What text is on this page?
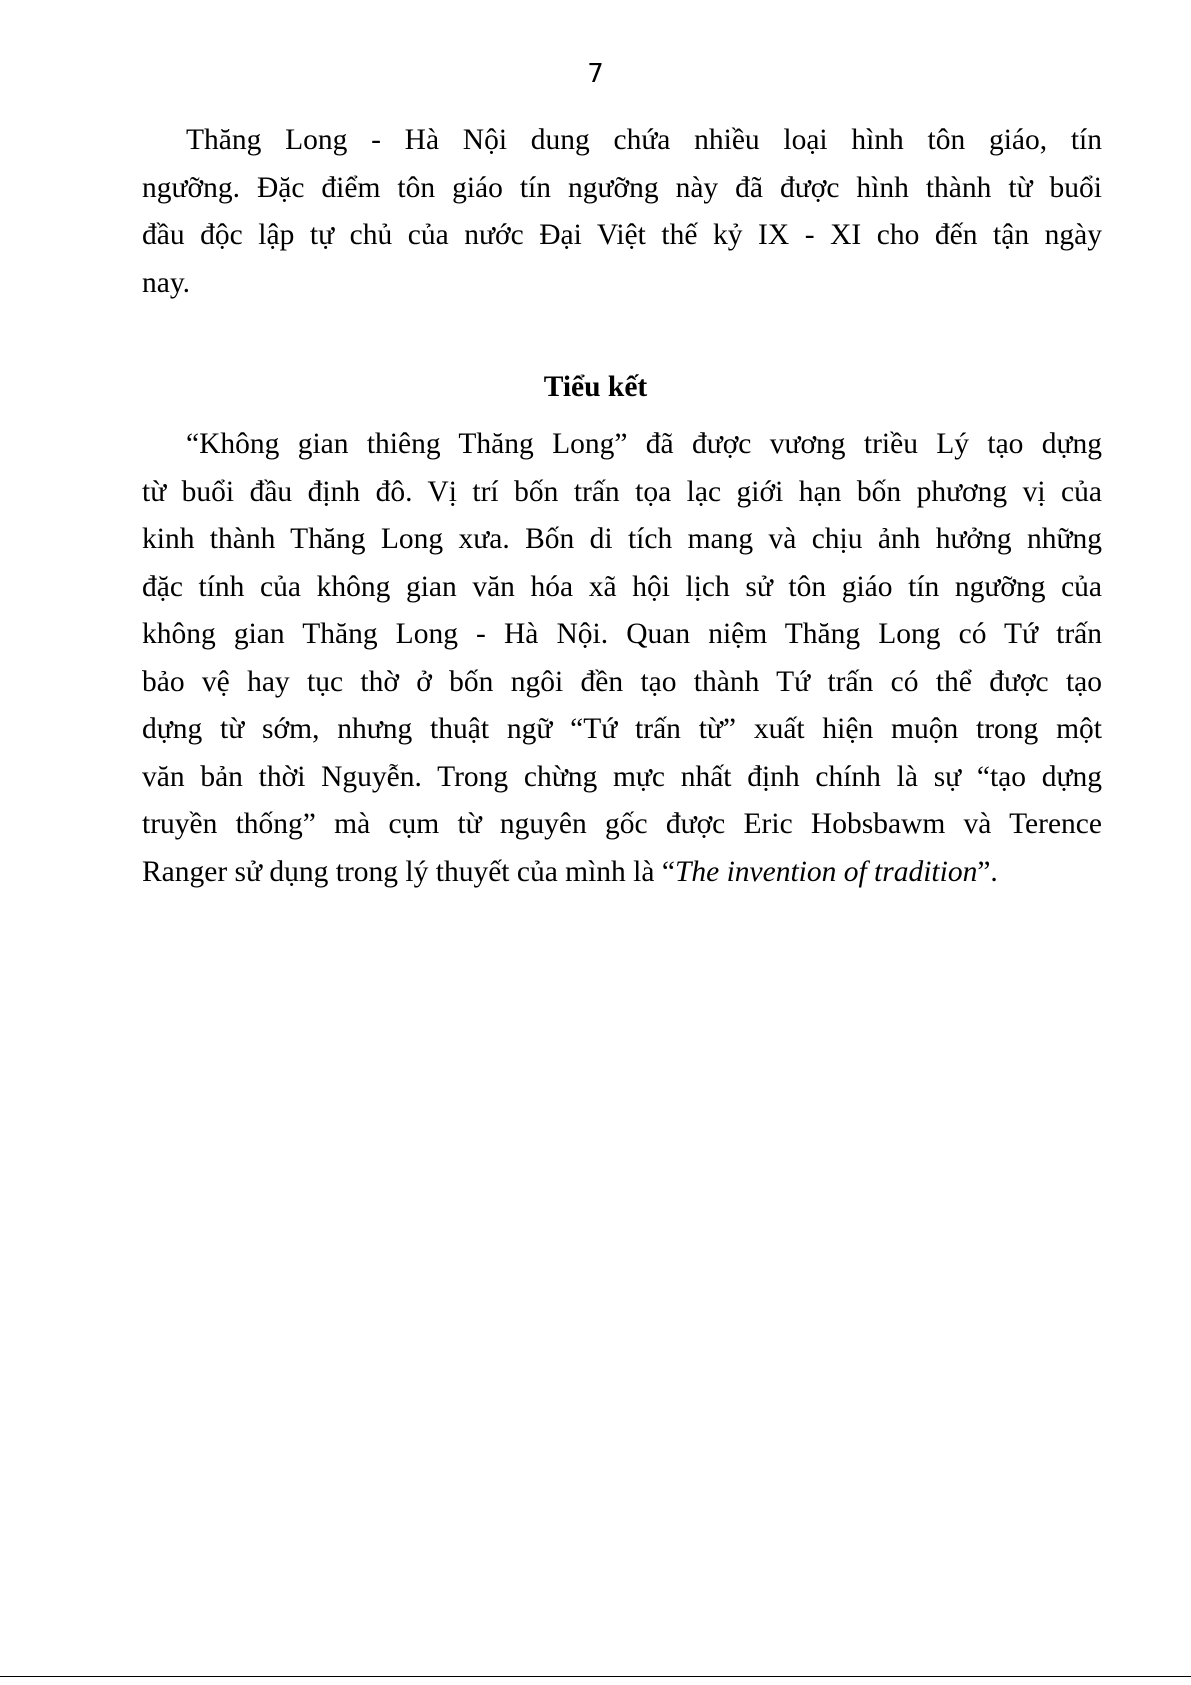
7
Thăng Long - Hà Nội dung chứa nhiều loại hình tôn giáo, tín
ngưỡng. Đặc điểm tôn giáo tín ngưỡng này đã được hình thành từ buổi
đầu độc lập tự chủ của nước Đại Việt thế kỷ IX - XI cho đến tận ngày
nay.
Tiểu kết
“Không gian thiêng Thăng Long” đã được vương triều Lý tạo dựng
từ buổi đầu định đô. Vị trí bốn trấn tọa lạc giới hạn bốn phương vị của
kinh thành Thăng Long xưa. Bốn di tích mang và chịu ảnh hưởng những
đặc tính của không gian văn hóa xã hội lịch sử tôn giáo tín ngưỡng của
không gian Thăng Long - Hà Nội. Quan niệm Thăng Long có Tứ trấn
bảo vệ hay tục thờ ở bốn ngôi đền tạo thành Tứ trấn có thể được tạo
dựng từ sớm, nhưng thuật ngữ “Tứ trấn từ” xuất hiện muộn trong một
văn bản thời Nguyễn. Trong chừng mực nhất định chính là sự “tạo dựng
truyền thống” mà cụm từ nguyên gốc được Eric Hobsbawm và Terence
Ranger sử dụng trong lý thuyết của mình là “The invention of tradition”.
